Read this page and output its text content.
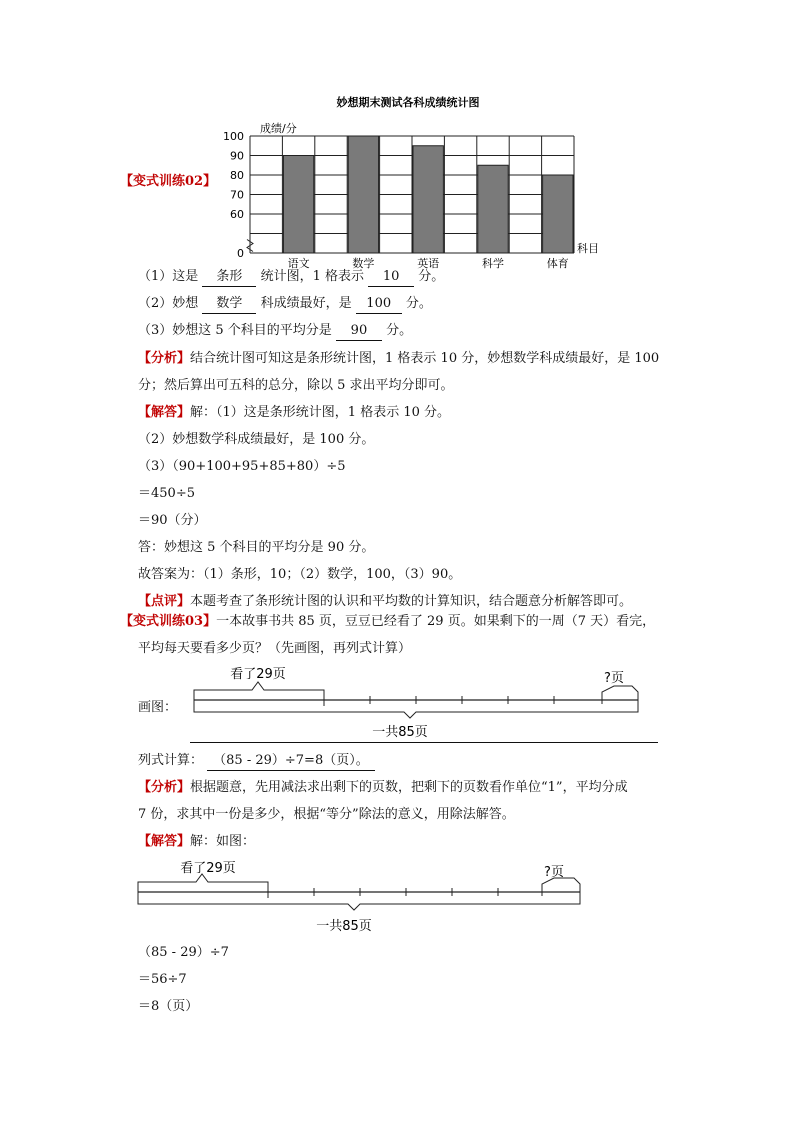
【变式训练02】
妙想期末测试各科成绩统计图
成绩/分
科目
100
90
80
70
60
0
语文	数学	英语	科学	体育
（1）这是 条形 统计图，1 格表示 10 分。
（2）妙想 数学 科成绩最好，是 100 分。
（3）妙想这 5 个科目的平均分是 90 分。
【分析】结合统计图可知这是条形统计图，1 格表示 10 分，妙想数学科成绩最好，是 100
分；然后算出可五科的总分，除以 5 求出平均分即可。
【解答】解：（1）这是条形统计图，1 格表示 10 分。
（2）妙想数学科成绩最好，是 100 分。
（3）（90+100+95+85+80）÷5
＝450÷5
＝90（分）
答：妙想这 5 个科目的平均分是 90 分。
故答案为：（1）条形，10；（2）数学，100，（3）90。
【点评】本题考查了条形统计图的认识和平均数的计算知识，结合题意分析解答即可。
【变式训练03】一本故事书共 85 页，豆豆已经看了 29 页。如果剩下的一周（7 天）看完，
平均每天要看多少页？（先画图，再列式计算）
画图：
看了29页	?页
一共85页
列式计算： （85 - 29）÷7=8（页）。
【分析】根据题意，先用减法求出剩下的页数，把剩下的页数看作单位“1”，平均分成
7 份，求其中一份是多少，根据“等分”除法的意义，用除法解答。
【解答】解：如图：
看了29页	?页
一共85页
（85 - 29）÷7
＝56÷7
＝8（页）
